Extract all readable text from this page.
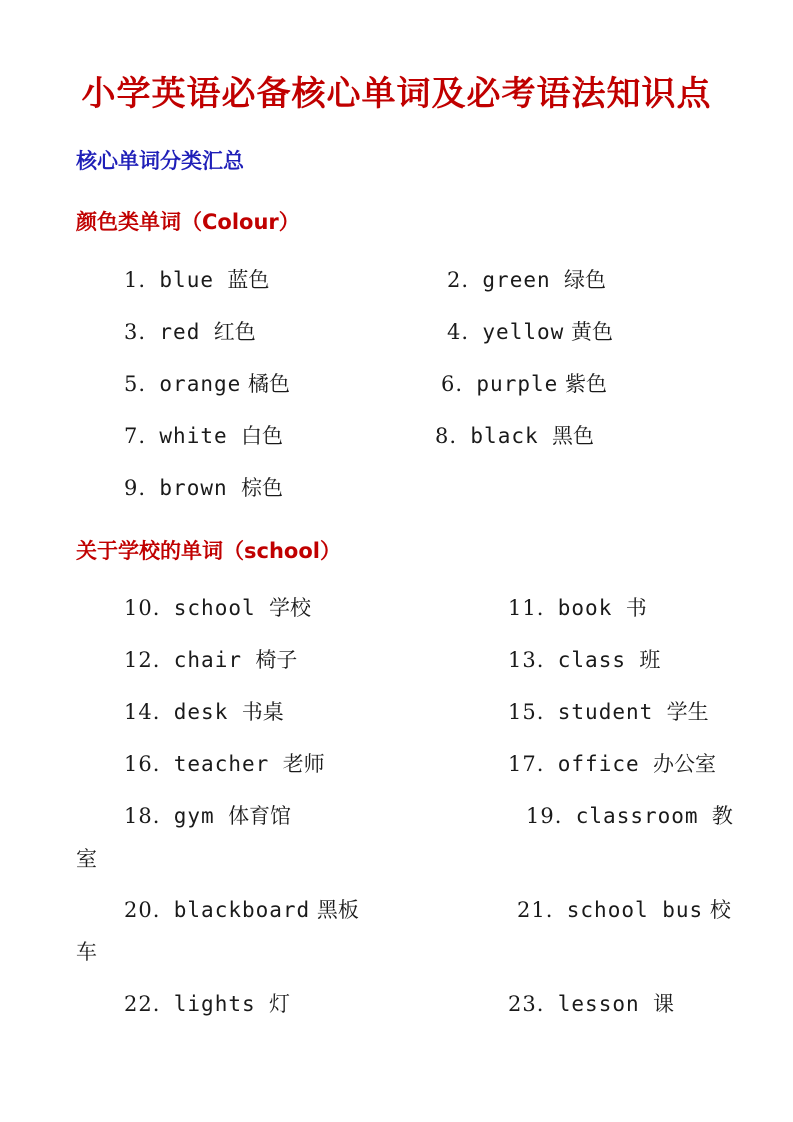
小学英语必备核心单词及必考语法知识点
核心单词分类汇总
颜色类单词（Colour）
1. blue 蓝色	2. green 绿色
3. red 红色	4. yellow 黄色
5. orange 橘色	6. purple 紫色
7. white 白色	8. black 黑色
9. brown 棕色
关于学校的单词（school）
10. school 学校	11. book 书
12. chair 椅子	13. class 班
14. desk 书桌	15. student 学生
16. teacher 老师	17. office 办公室
18. gym 体育馆	19. classroom 教
室
20. blackboard 黑板	21. school bus 校
车
22. lights 灯	23. lesson 课
